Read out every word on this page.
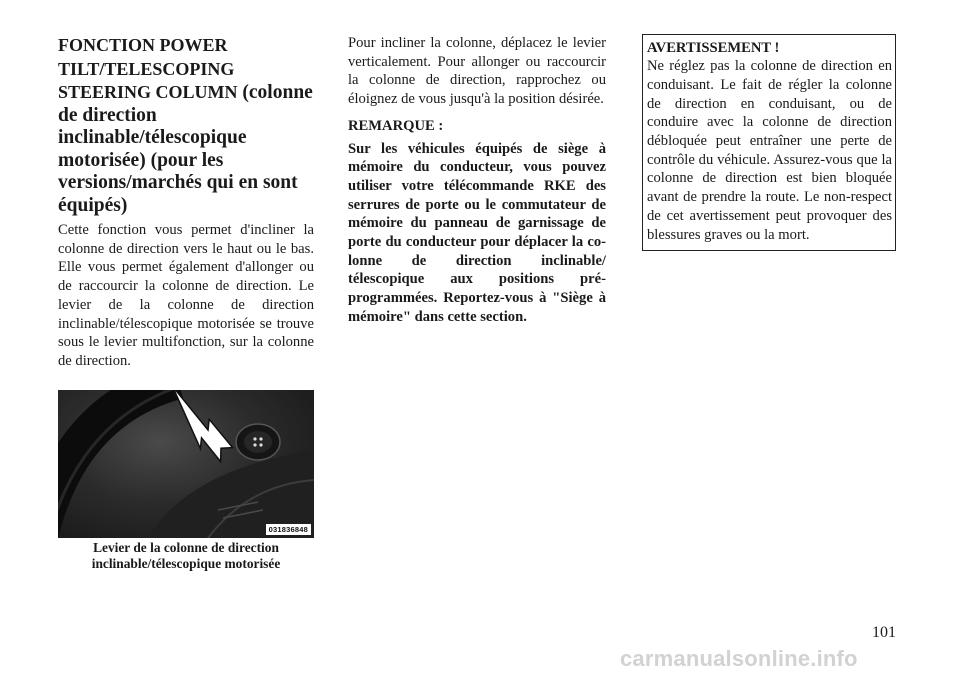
FONCTION POWER TILT/TELESCOPING STEERING COLUMN (colonne de direction inclinable/télescopique motorisée) (pour les versions/marchés qui en sont équipés)

Cette fonction vous permet d'incliner la colonne de direction vers le haut ou le bas. Elle vous permet également d'allonger ou de raccourcir la colonne de direction. Le levier de la colonne de direction inclinable/télescopique motorisée se trouve sous le levier multifonction, sur la colonne de direction.

031836848
Levier de la colonne de direction inclinable/télescopique motorisée

Pour incliner la colonne, déplacez le levier verticalement. Pour allonger ou raccourcir la colonne de direction, rapprochez ou éloignez de vous jusqu'à la position désirée.

REMARQUE :

Sur les véhicules équipés de siège à mémoire du conducteur, vous pouvez utiliser votre télécommande RKE des serrures de porte ou le commutateur de mémoire du panneau de garnissage de porte du conducteur pour déplacer la colonne de direction inclinable/ télescopique aux positions préprogrammées. Reportez-vous à "Siège à mémoire" dans cette section.

AVERTISSEMENT !

Ne réglez pas la colonne de direction en conduisant. Le fait de régler la colonne de direction en conduisant, ou de conduire avec la colonne de direction débloquée peut entraîner une perte de contrôle du véhicule. Assurez-vous que la colonne de direction est bien bloquée avant de prendre la route. Le non-respect de cet avertissement peut provoquer des blessures graves ou la mort.

101
carmanualsonline.info
